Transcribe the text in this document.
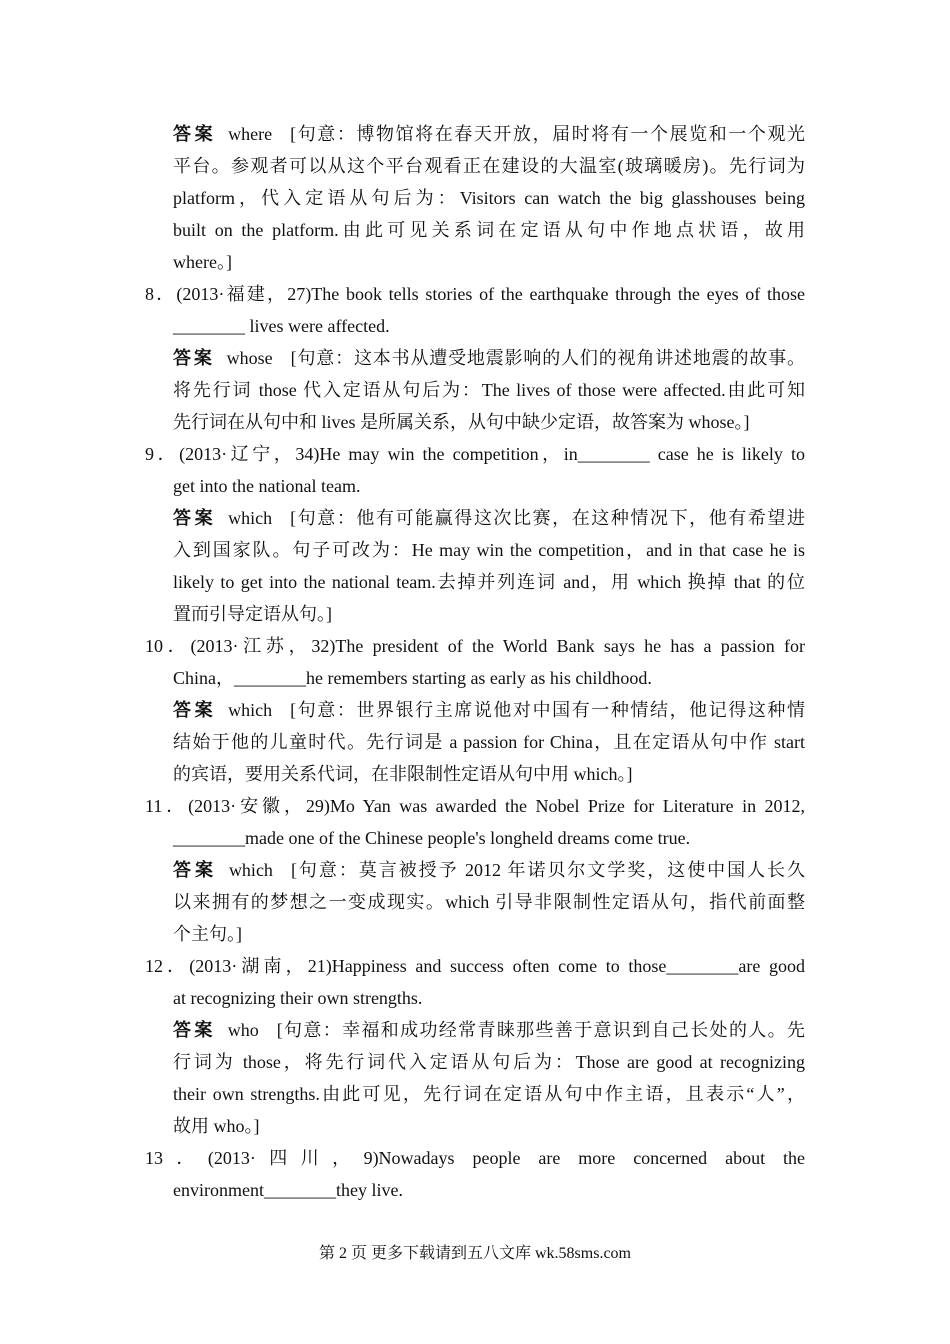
答案 where [句意：博物馆将在春天开放，届时将有一个展览和一个观光
平台。参观者可以从这个平台观看正在建设的大温室(玻璃暖房)。先行词为
platform，代入定语从句后为：Visitors can watch the big glasshouses being
built on the platform.由此可见关系词在定语从句中作地点状语，故用
where。]
8．(2013·福建，27)The book tells stories of the earthquake through the eyes of those
________ lives were affected.
答案 whose [句意：这本书从遭受地震影响的人们的视角讲述地震的故事。
将先行词 those 代入定语从句后为：The lives of those were affected.由此可知
先行词在从句中和 lives 是所属关系，从句中缺少定语，故答案为 whose。]
9．(2013·辽宁，34)He may win the competition，in________ case he is likely to
get into the national team.
答案 which [句意：他有可能赢得这次比赛，在这种情况下，他有希望进
入到国家队。句子可改为：He may win the competition，and in that case he is
likely to get into the national team.去掉并列连词 and，用 which 换掉 that 的位
置而引导定语从句。]
10．(2013·江苏，32)The president of the World Bank says he has a passion for
China，________he remembers starting as early as his childhood.
答案 which [句意：世界银行主席说他对中国有一种情结，他记得这种情
结始于他的儿童时代。先行词是 a passion for China，且在定语从句中作 start
的宾语，要用关系代词，在非限制性定语从句中用 which。]
11．(2013·安徽，29)Mo Yan was awarded the Nobel Prize for Literature in 2012,
________made one of the Chinese people's longheld dreams come true.
答案 which [句意：莫言被授予 2012 年诺贝尔文学奖，这使中国人长久
以来拥有的梦想之一变成现实。which 引导非限制性定语从句，指代前面整
个主句。]
12．(2013·湖南，21)Happiness and success often come to those________are good
at recognizing their own strengths.
答案 who [句意：幸福和成功经常青睐那些善于意识到自己长处的人。先
行词为 those，将先行词代入定语从句后为：Those are good at recognizing
their own strengths.由此可见，先行词在定语从句中作主语，且表示“人”，
故用 who。]
13．(2013·四川，9)Nowadays people are more concerned about the
environment________they live.
第 2 页 更多下载请到五八文库 wk.58sms.com
